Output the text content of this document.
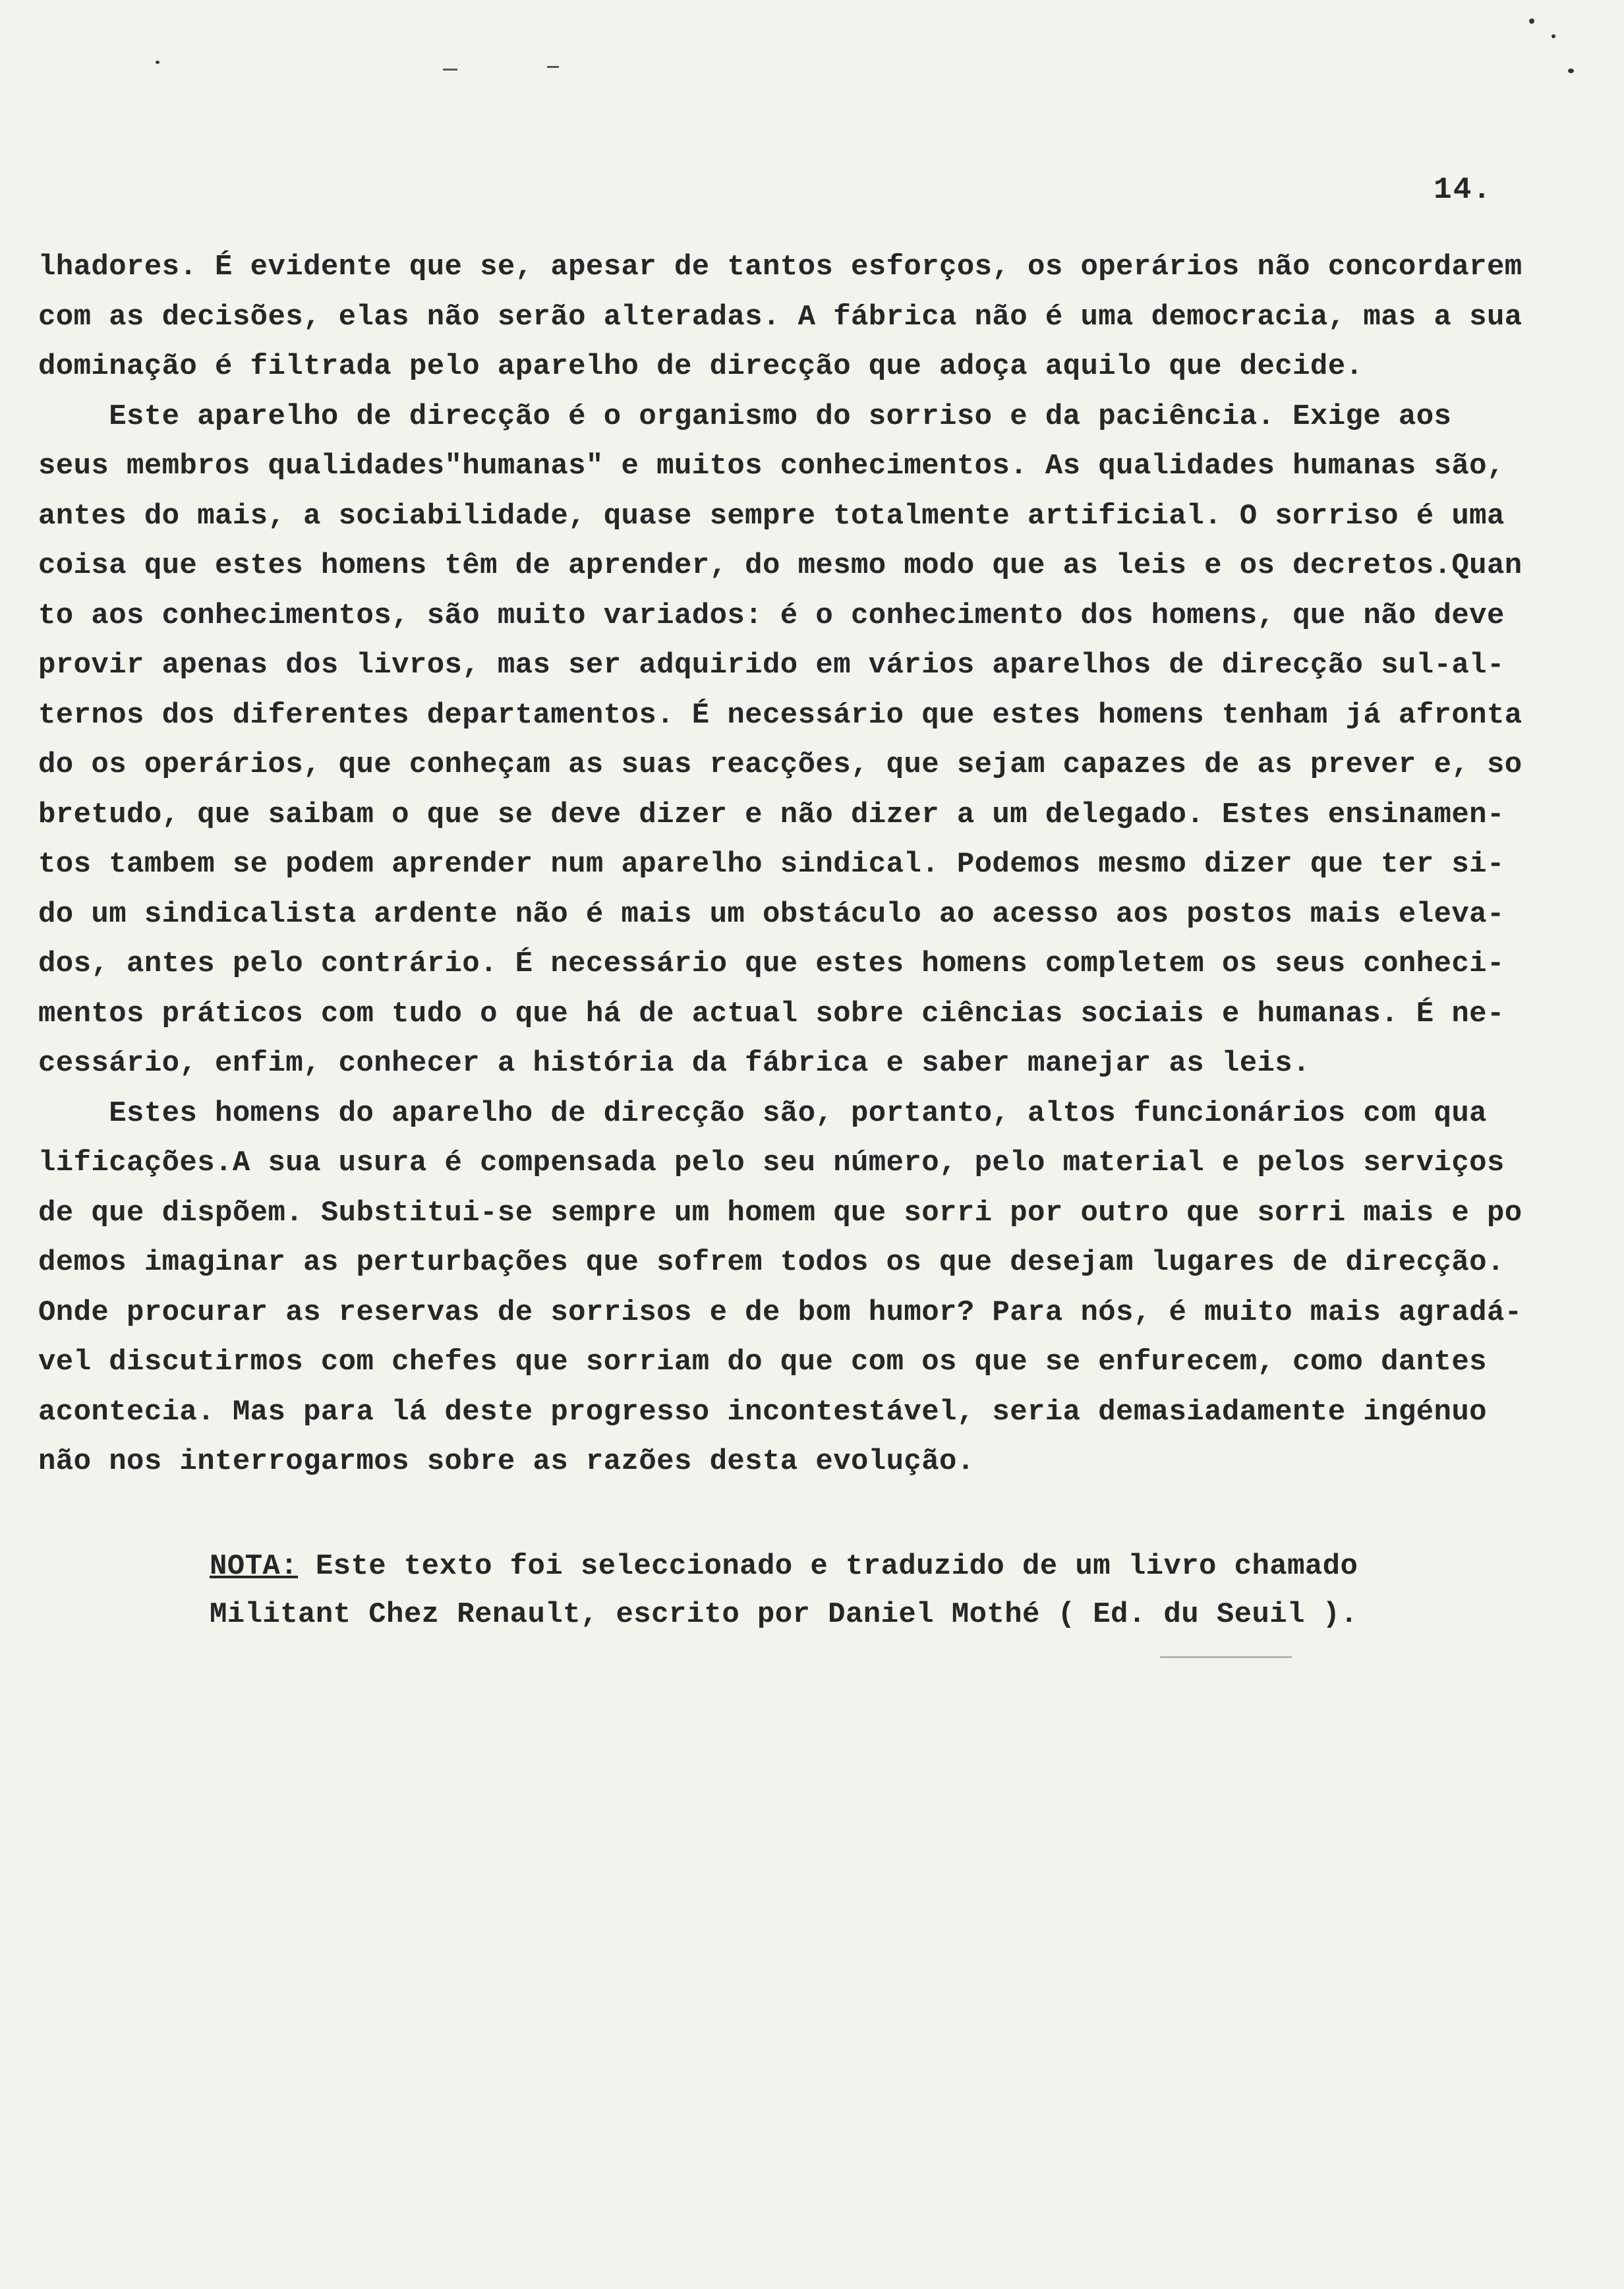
14.
lhadores. É evidente que se, apesar de tantos esforços, os operários não concordarem
com as decisões, elas não serão alteradas. A fábrica não é uma democracia, mas a sua
dominação é filtrada pelo aparelho de direcção que adoça aquilo que decide.
Este aparelho de direcção é o organismo do sorriso e da paciência. Exige aos
seus membros qualidades"humanas" e muitos conhecimentos. As qualidades humanas são,
antes do mais, a sociabilidade, quase sempre totalmente artificial. O sorriso é uma
coisa que estes homens têm de aprender, do mesmo modo que as leis e os decretos.Quan
to aos conhecimentos, são muito variados: é o conhecimento dos homens, que não deve
provir apenas dos livros, mas ser adquirido em vários aparelhos de direcção sul-al-
ternos dos diferentes departamentos. É necessário que estes homens tenham já afronta
do os operários, que conheçam as suas reacções, que sejam capazes de as prever e, so
bretudo, que saibam o que se deve dizer e não dizer a um delegado. Estes ensinamen-
tos tambem se podem aprender num aparelho sindical. Podemos mesmo dizer que ter si-
do um sindicalista ardente não é mais um obstáculo ao acesso aos postos mais eleva-
dos, antes pelo contrário. É necessário que estes homens completem os seus conheci-
mentos práticos com tudo o que há de actual sobre ciências sociais e humanas. É ne-
cessário, enfim, conhecer a história da fábrica e saber manejar as leis.
Estes homens do aparelho de direcção são, portanto, altos funcionários com qua
lificações.A sua usura é compensada pelo seu número, pelo material e pelos serviços
de que dispõem. Substitui-se sempre um homem que sorri por outro que sorri mais e po
demos imaginar as perturbações que sofrem todos os que desejam lugares de direcção.
Onde procurar as reservas de sorrisos e de bom humor? Para nós, é muito mais agradá-
vel discutirmos com chefes que sorriam do que com os que se enfurecem, como dantes
acontecia. Mas para lá deste progresso incontestável, seria demasiadamente ingénuo
não nos interrogarmos sobre as razões desta evolução.
NOTA: Este texto foi seleccionado e traduzido de um livro chamado
Militant Chez Renault, escrito por Daniel Mothé ( Ed. du Seuil ).
